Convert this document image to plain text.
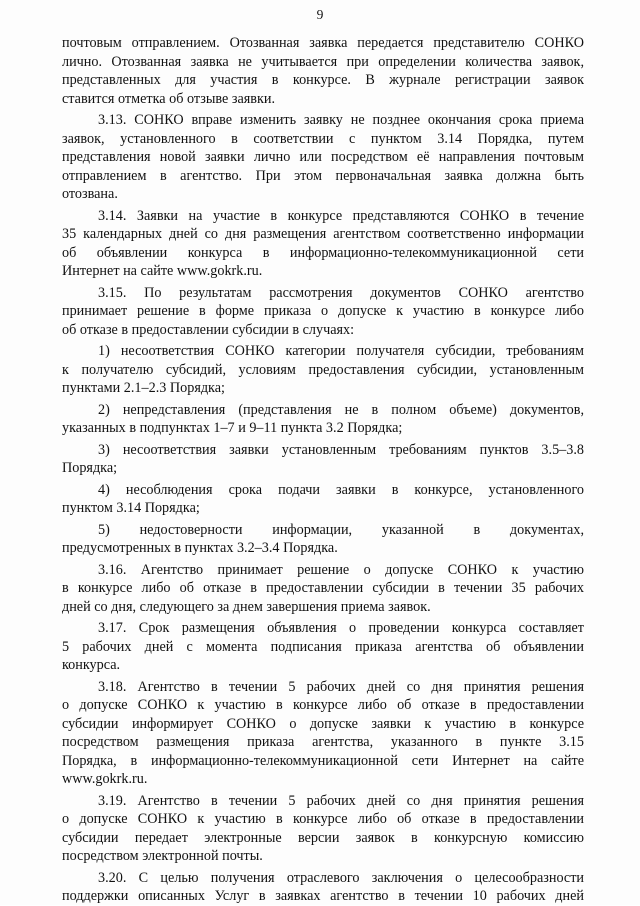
9
почтовым отправлением. Отозванная заявка передается представителю СОНКО
лично. Отозванная заявка не учитывается при определении количества заявок,
представленных для участия в конкурсе. В журнале регистрации заявок
ставится отметка об отзыве заявки.
3.13. СОНКО вправе изменить заявку не позднее окончания срока приема
заявок, установленного в соответствии с пунктом 3.14 Порядка, путем
представления новой заявки лично или посредством её направления почтовым
отправлением в агентство. При этом первоначальная заявка должна быть
отозвана.
3.14. Заявки на участие в конкурсе представляются СОНКО в течение
35 календарных дней со дня размещения агентством соответственно информации
об объявлении конкурса в информационно-телекоммуникационной сети
Интернет на сайте www.gokrk.ru.
3.15. По результатам рассмотрения документов СОНКО агентство
принимает решение в форме приказа о допуске к участию в конкурсе либо
об отказе в предоставлении субсидии в случаях:
1) несоответствия СОНКО категории получателя субсидии, требованиям
к получателю субсидий, условиям предоставления субсидии, установленным
пунктами 2.1–2.3 Порядка;
2) непредставления (представления не в полном объеме) документов,
указанных в подпунктах 1–7 и 9–11 пункта 3.2 Порядка;
3) несоответствия заявки установленным требованиям пунктов 3.5–3.8
Порядка;
4) несоблюдения срока подачи заявки в конкурсе, установленного
пунктом 3.14 Порядка;
5) недостоверности информации, указанной в документах,
предусмотренных в пунктах 3.2–3.4 Порядка.
3.16. Агентство принимает решение о допуске СОНКО к участию
в конкурсе либо об отказе в предоставлении субсидии в течении 35 рабочих
дней со дня, следующего за днем завершения приема заявок.
3.17. Срок размещения объявления о проведении конкурса составляет
5 рабочих дней с момента подписания приказа агентства об объявлении
конкурса.
3.18. Агентство в течении 5 рабочих дней со дня принятия решения
о допуске СОНКО к участию в конкурсе либо об отказе в предоставлении
субсидии информирует СОНКО о допуске заявки к участию в конкурсе
посредством размещения приказа агентства, указанного в пункте 3.15
Порядка, в информационно-телекоммуникационной сети Интернет на сайте
www.gokrk.ru.
3.19. Агентство в течении 5 рабочих дней со дня принятия решения
о допуске СОНКО к участию в конкурсе либо об отказе в предоставлении
субсидии передает электронные версии заявок в конкурсную комиссию
посредством электронной почты.
3.20. С целью получения отраслевого заключения о целесообразности
поддержки описанных Услуг в заявках агентство в течении 10 рабочих дней
